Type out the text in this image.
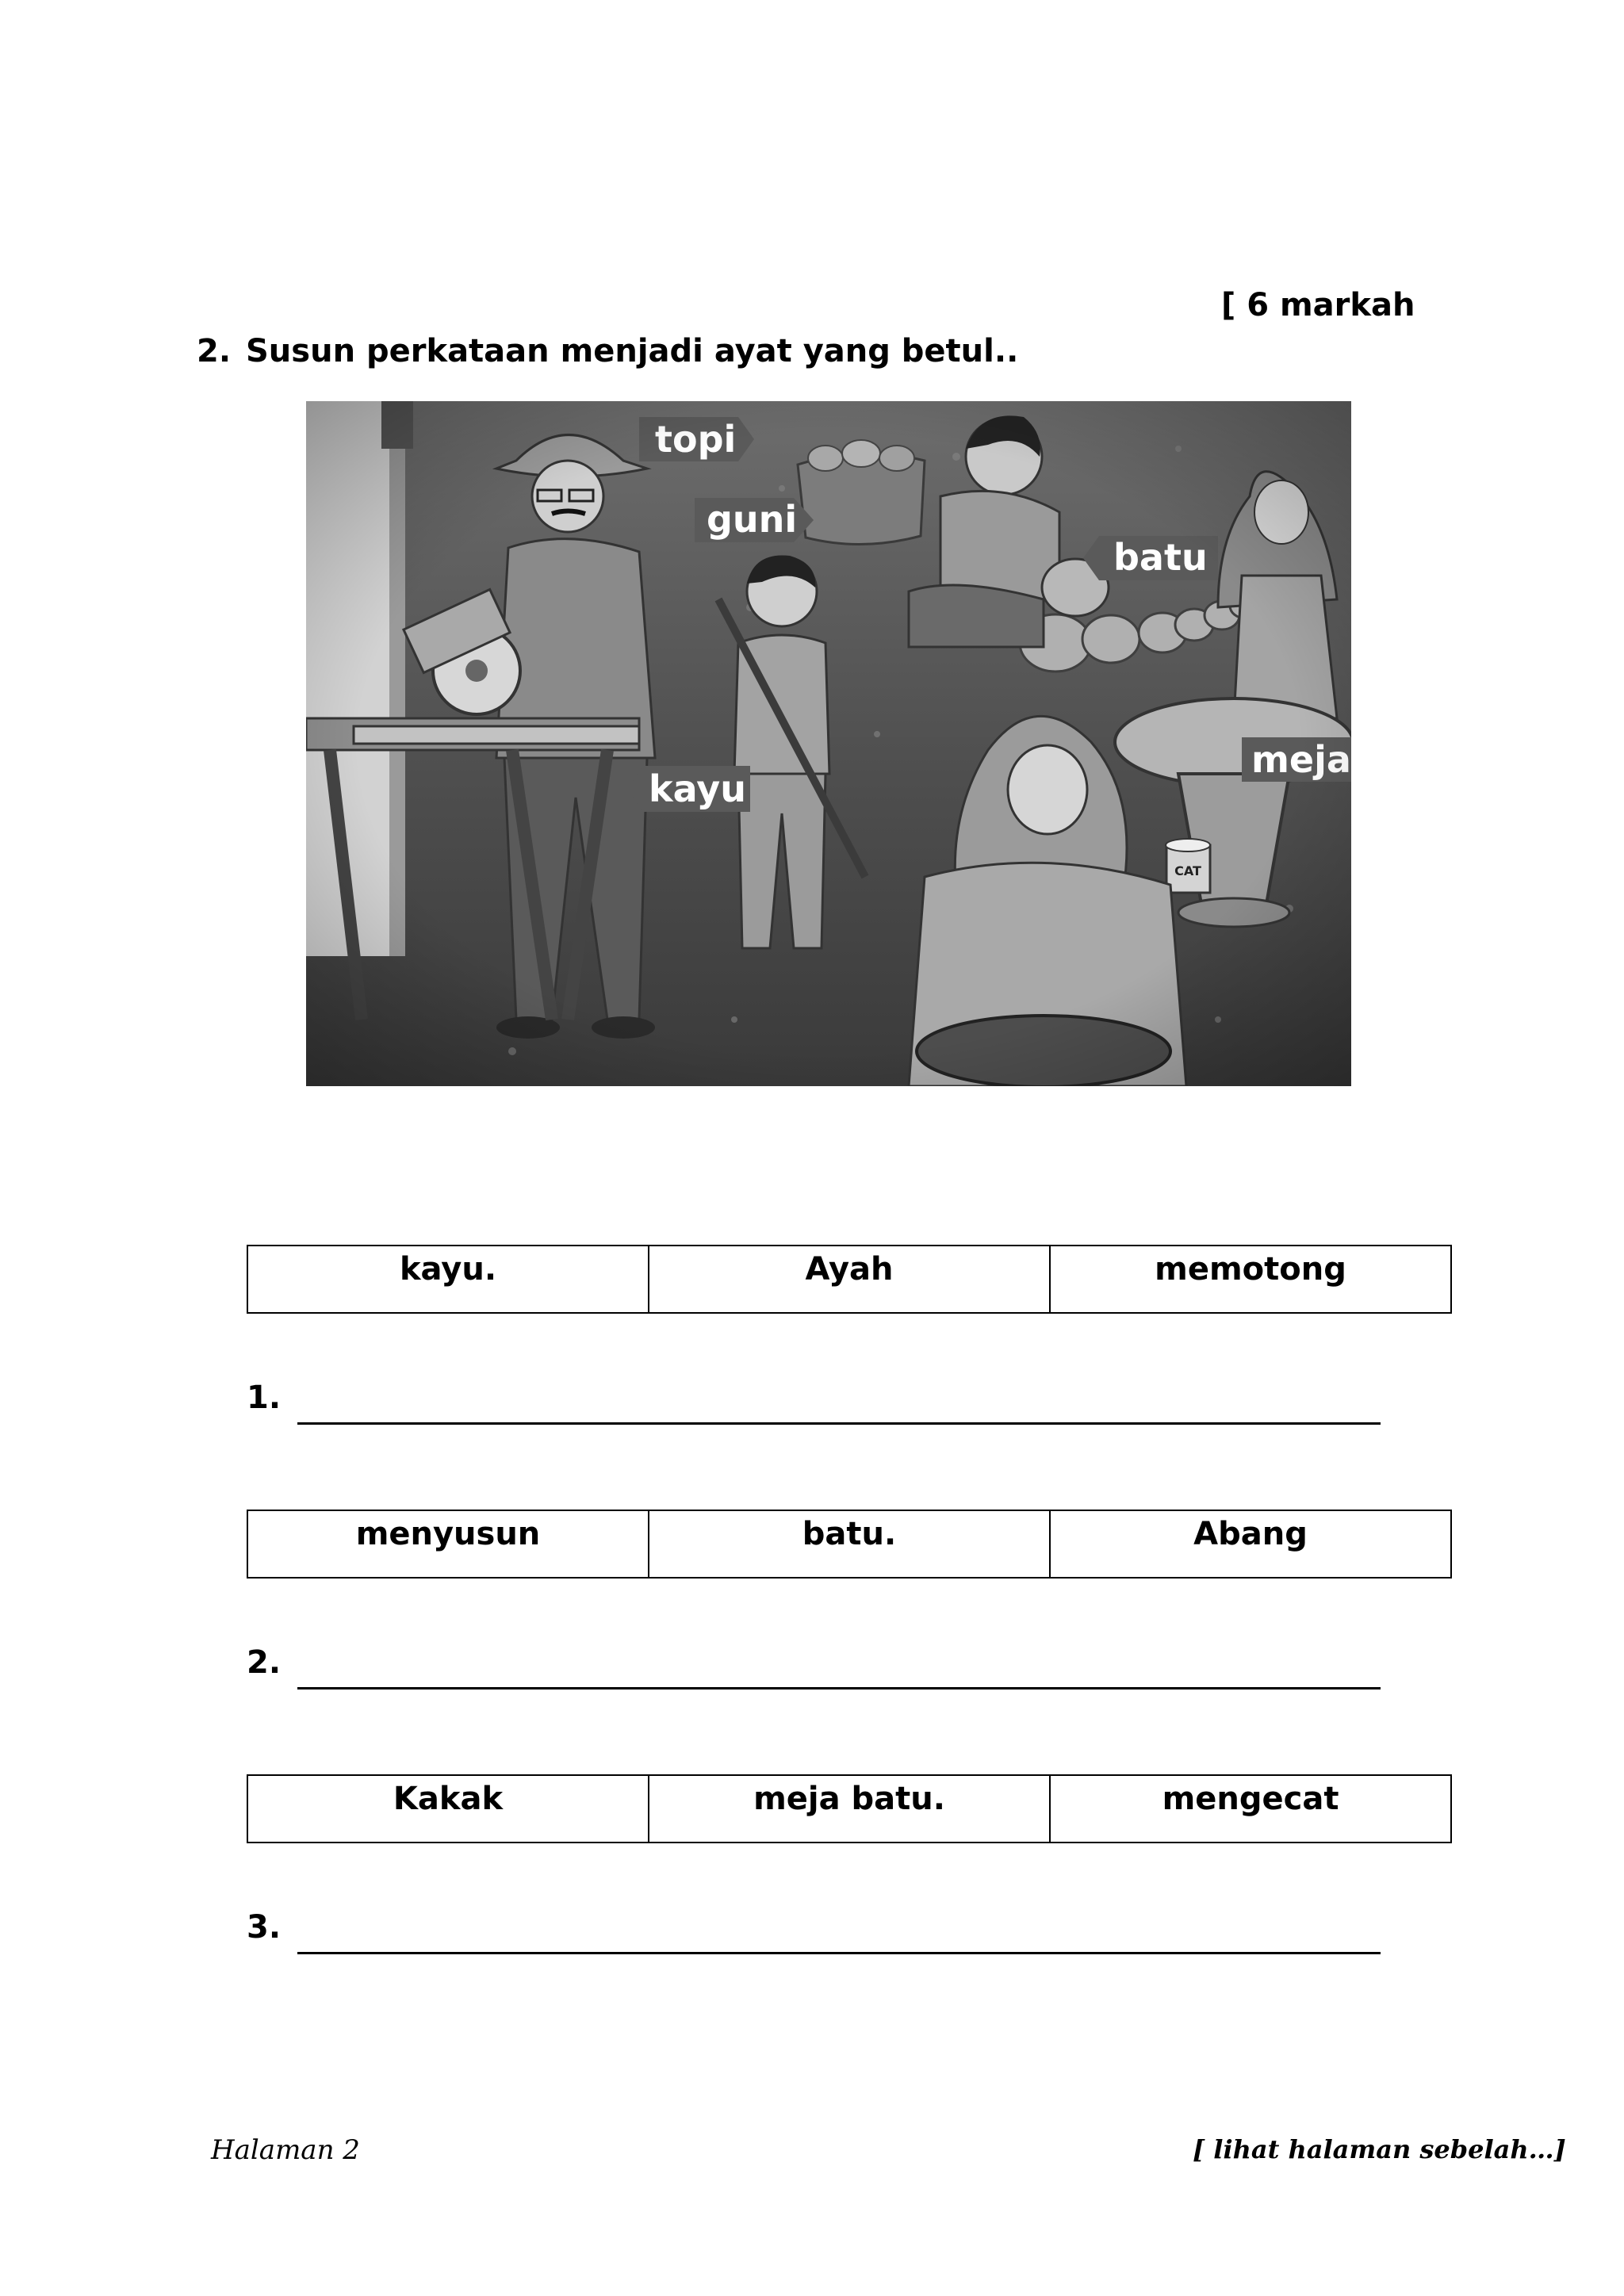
[ 6 markah
2. Susun perkataan menjadi ayat yang betul..
kayu.	Ayah	memotong
1.
menyusun	batu.	Abang
2.
Kakak	meja batu.	mengecat
3.
Halaman 2	[ lihat halaman sebelah…]
